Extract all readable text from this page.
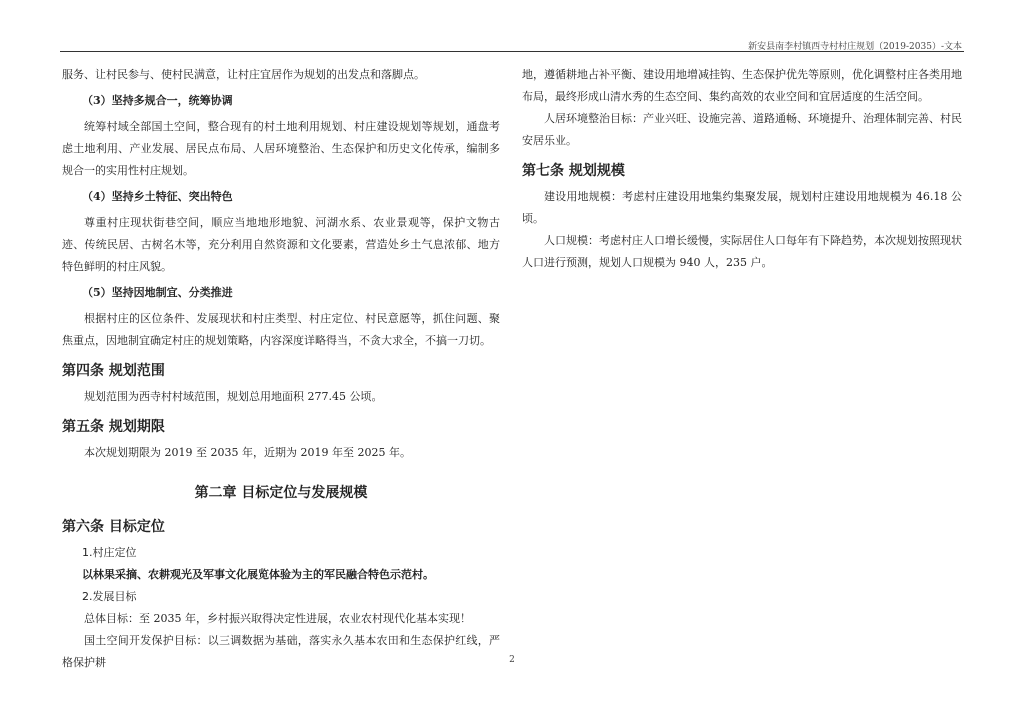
新安县南李村镇西寺村村庄规划（2019-2035）-文本

服务、让村民参与、使村民满意，让村庄宜居作为规划的出发点和落脚点。

（3）坚持多规合一，统筹协调

统筹村域全部国土空间，整合现有的村土地利用规划、村庄建设规划等规划，通盘考虑土地利用、产业发展、居民点布局、人居环境整治、生态保护和历史文化传承，编制多规合一的实用性村庄规划。

（4）坚持乡土特征、突出特色

尊重村庄现状街巷空间，顺应当地地形地貌、河湖水系、农业景观等，保护文物古迹、传统民居、古树名木等，充分利用自然资源和文化要素，营造处乡土气息浓郁、地方特色鲜明的村庄风貌。

（5）坚持因地制宜、分类推进

根据村庄的区位条件、发展现状和村庄类型、村庄定位、村民意愿等，抓住问题、聚焦重点，因地制宜确定村庄的规划策略，内容深度详略得当，不贪大求全，不搞一刀切。

第四条 规划范围

规划范围为西寺村村域范围，规划总用地面积 277.45 公顷。

第五条 规划期限

本次规划期限为 2019 至 2035 年，近期为 2019 年至 2025 年。

第二章 目标定位与发展规模

第六条 目标定位

1.村庄定位

以林果采摘、农耕观光及军事文化展览体验为主的军民融合特色示范村。

2.发展目标

总体目标：至 2035 年，乡村振兴取得决定性进展，农业农村现代化基本实现！

国土空间开发保护目标：以三调数据为基础，落实永久基本农田和生态保护红线，严格保护耕

地，遵循耕地占补平衡、建设用地增减挂钩、生态保护优先等原则，优化调整村庄各类用地布局，最终形成山清水秀的生态空间、集约高效的农业空间和宜居适度的生活空间。

人居环境整治目标：产业兴旺、设施完善、道路通畅、环境提升、治理体制完善、村民安居乐业。

第七条 规划规模

建设用地规模：考虑村庄建设用地集约集聚发展，规划村庄建设用地规模为 46.18 公顷。

人口规模：考虑村庄人口增长缓慢，实际居住人口每年有下降趋势，本次规划按照现状人口进行预测，规划人口规模为 940 人，235 户。

2
